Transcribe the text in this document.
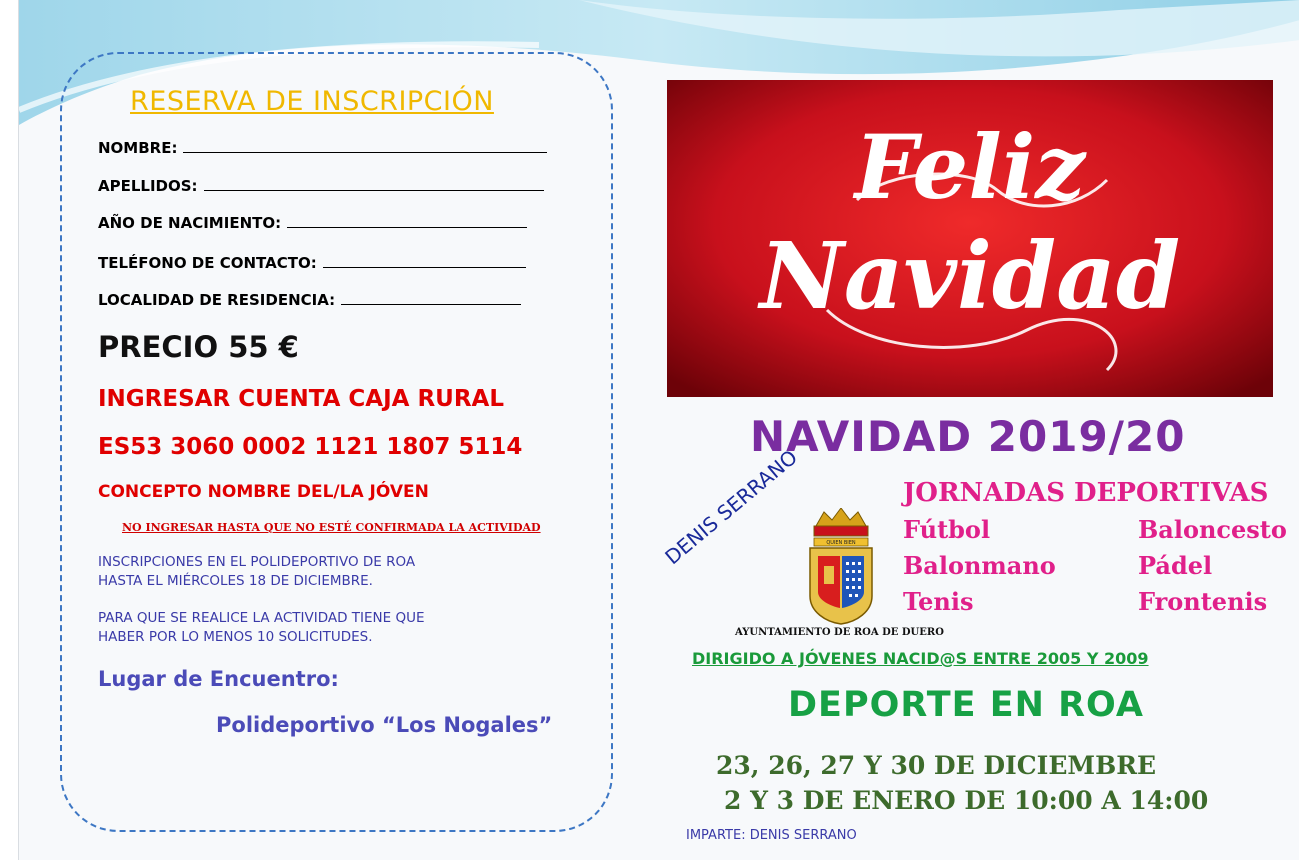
RESERVA DE INSCRIPCIÓN
NOMBRE:
APELLIDOS:
AÑO DE NACIMIENTO:
TELÉFONO DE CONTACTO:
LOCALIDAD DE RESIDENCIA:
PRECIO 55 €
INGRESAR CUENTA CAJA RURAL
ES53 3060 0002 1121 1807 5114
CONCEPTO NOMBRE DEL/LA JÓVEN
NO INGRESAR HASTA QUE NO ESTÉ CONFIRMADA LA ACTIVIDAD
INSCRIPCIONES EN EL POLIDEPORTIVO DE ROA
HASTA EL MIÉRCOLES 18 DE DICIEMBRE.
PARA QUE SE REALICE LA ACTIVIDAD TIENE QUE
HABER POR LO MENOS 10 SOLICITUDES.
Lugar de Encuentro:
Polideportivo “Los Nogales”
Feliz
Navidad
NAVIDAD 2019/20
DENIS SERRANO	QUIEN BIEN
AYUNTAMIENTO DE ROA DE DUERO
JORNADAS DEPORTIVAS
Fútbol	Baloncesto
Balonmano	Pádel
Tenis	Frontenis
DIRIGIDO A JÓVENES NACID@S ENTRE 2005 Y 2009
DEPORTE EN ROA
23, 26, 27 Y 30 DE DICIEMBRE
2 Y 3 DE ENERO DE 10:00 A 14:00
IMPARTE: DENIS SERRANO
